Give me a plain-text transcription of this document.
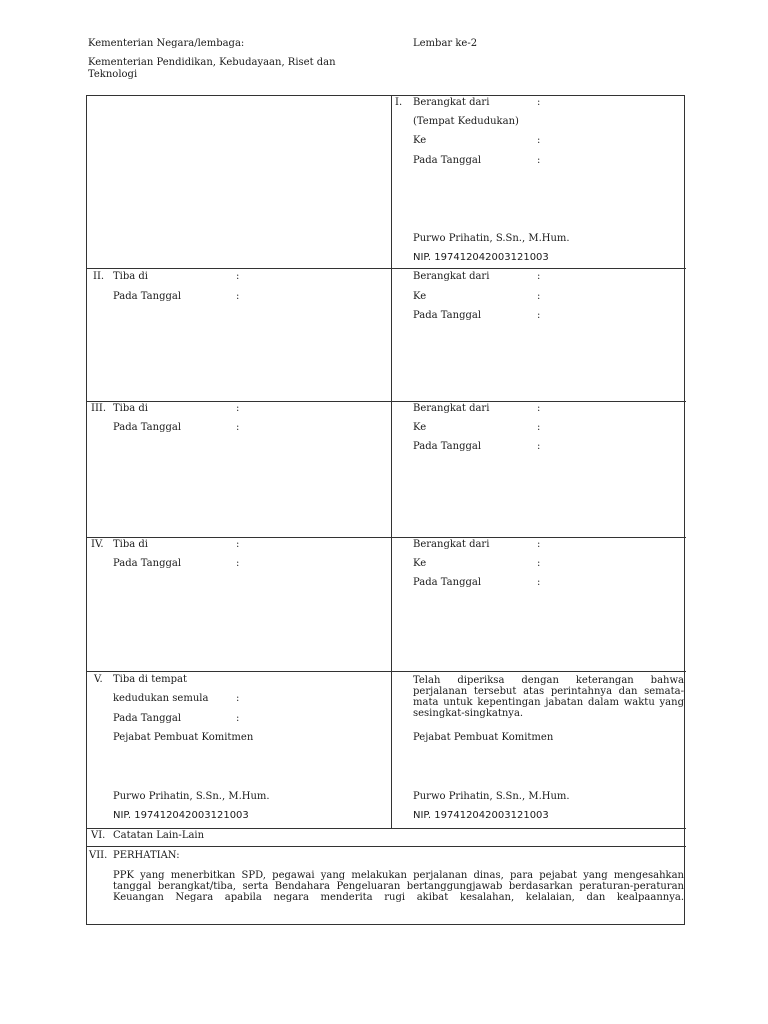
Kementerian Negara/lembaga:	Lembar ke-2
Kementerian Pendidikan, Kebudayaan, Riset dan
Teknologi
I. Berangkat dari	:
(Tempat Kedudukan)
Ke	:
Pada Tanggal	:
Purwo Prihatin, S.Sn., M.Hum.
NIP. 197412042003121003
II. Tiba di	:
Pada Tanggal	:
Berangkat dari	:
Ke	:
Pada Tanggal	:
III. Tiba di	:
Pada Tanggal	:
Berangkat dari	:
Ke	:
Pada Tanggal	:
IV. Tiba di	:
Pada Tanggal	:
Berangkat dari	:
Ke	:
Pada Tanggal	:
V. Tiba di tempat
kedudukan semula	:
Pada Tanggal	:
Pejabat Pembuat Komitmen
Purwo Prihatin, S.Sn., M.Hum.
NIP. 197412042003121003
Telah diperiksa dengan keterangan bahwa perjalanan tersebut atas perintahnya dan semata-mata untuk kepentingan jabatan dalam waktu yang sesingkat-singkatnya.
Pejabat Pembuat Komitmen
Purwo Prihatin, S.Sn., M.Hum.
NIP. 197412042003121003
VI. Catatan Lain-Lain
VII. PERHATIAN:
PPK yang menerbitkan SPD, pegawai yang melakukan perjalanan dinas, para pejabat yang mengesahkan tanggal berangkat/tiba, serta Bendahara Pengeluaran bertanggungjawab berdasarkan peraturan-peraturan Keuangan Negara apabila negara menderita rugi akibat kesalahan, kelalaian, dan kealpaannya.
